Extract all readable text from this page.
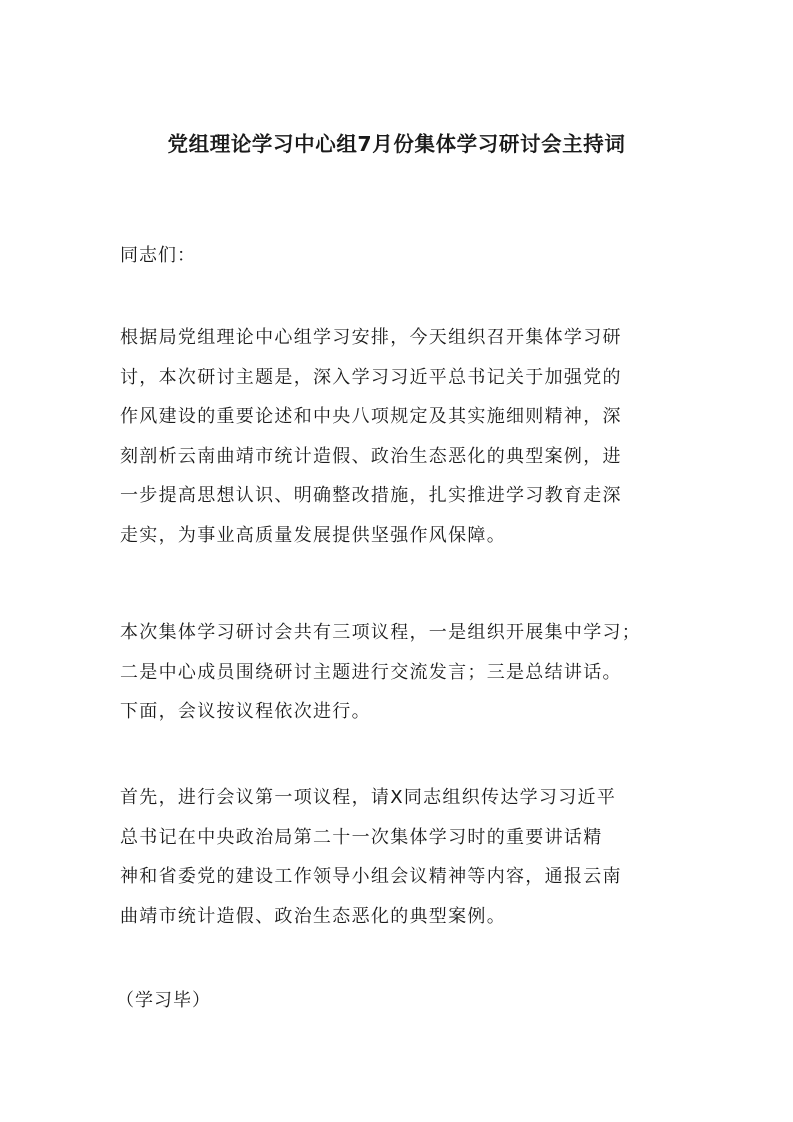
党组理论学习中心组7月份集体学习研讨会主持词
同志们：
根据局党组理论中心组学习安排，今天组织召开集体学习研
讨，本次研讨主题是，深入学习习近平总书记关于加强党的
作风建设的重要论述和中央八项规定及其实施细则精神，深
刻剖析云南曲靖市统计造假、政治生态恶化的典型案例，进
一步提高思想认识、明确整改措施，扎实推进学习教育走深
走实，为事业高质量发展提供坚强作风保障。
本次集体学习研讨会共有三项议程，一是组织开展集中学习；
二是中心成员围绕研讨主题进行交流发言；三是总结讲话。
下面，会议按议程依次进行。
首先，进行会议第一项议程，请X同志组织传达学习习近平
总书记在中央政治局第二十一次集体学习时的重要讲话精
神和省委党的建设工作领导小组会议精神等内容，通报云南
曲靖市统计造假、政治生态恶化的典型案例。
（学习毕）
